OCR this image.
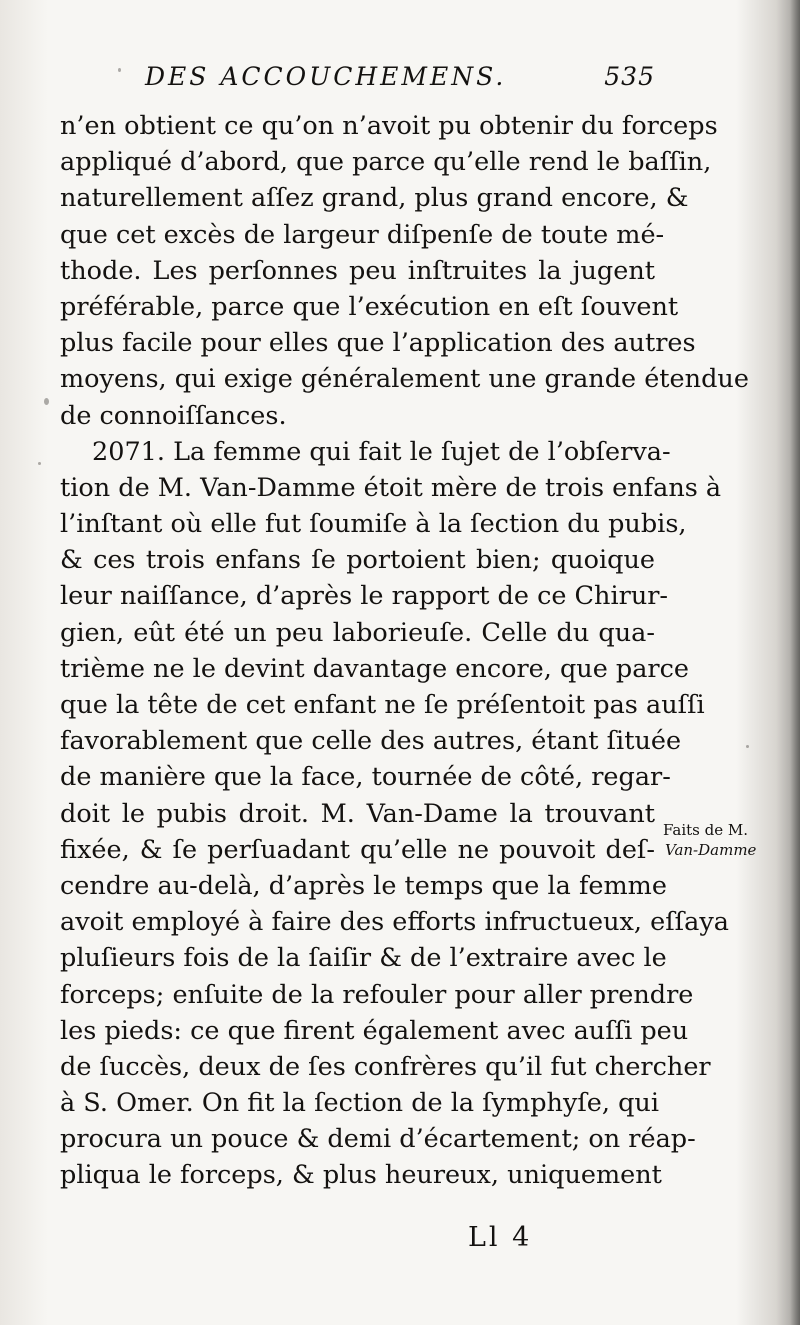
DES ACCOUCHEMENS.	535
n’en obtient ce qu’on n’avoit pu obtenir du forceps
appliqué d’abord, que parce qu’elle rend le baſſin,
naturellement aſſez grand, plus grand encore, &
que cet excès de largeur diſpenſe de toute mé-
thode. Les perſonnes peu inſtruites la jugent
préférable, parce que l’exécution en eſt ſouvent
plus facile pour elles que l’application des autres
moyens, qui exige généralement une grande étendue
de connoiſſances.
2071. La femme qui fait le ſujet de l’obſerva-
tion de M. Van-Damme étoit mère de trois enfans à
l’inſtant où elle fut ſoumiſe à la ſection du pubis,
& ces trois enfans ſe portoient bien; quoique
leur naiſſance, d’après le rapport de ce Chirur-
gien, eût été un peu laborieuſe. Celle du qua-
trième ne le devint davantage encore, que parce
que la tête de cet enfant ne ſe préſentoit pas auſſi
favorablement que celle des autres, étant ſituée
de manière que la face, tournée de côté, regar-
doit le pubis droit. M. Van-Dame la trouvant
fixée, & ſe perſuadant qu’elle ne pouvoit deſ-
cendre au-delà, d’après le temps que la femme
avoit employé à faire des efforts infructueux, eſſaya
pluſieurs fois de la ſaiſir & de l’extraire avec le
forceps; enſuite de la refouler pour aller prendre
les pieds: ce que firent également avec auſſi peu
de ſuccès, deux de ſes confrères qu’il fut chercher
à S. Omer. On fit la ſection de la ſymphyſe, qui
procura un pouce & demi d’écartement; on réap-
pliqua le forceps, & plus heureux, uniquement
Faits de M.
Van-Damme
Ll 4
